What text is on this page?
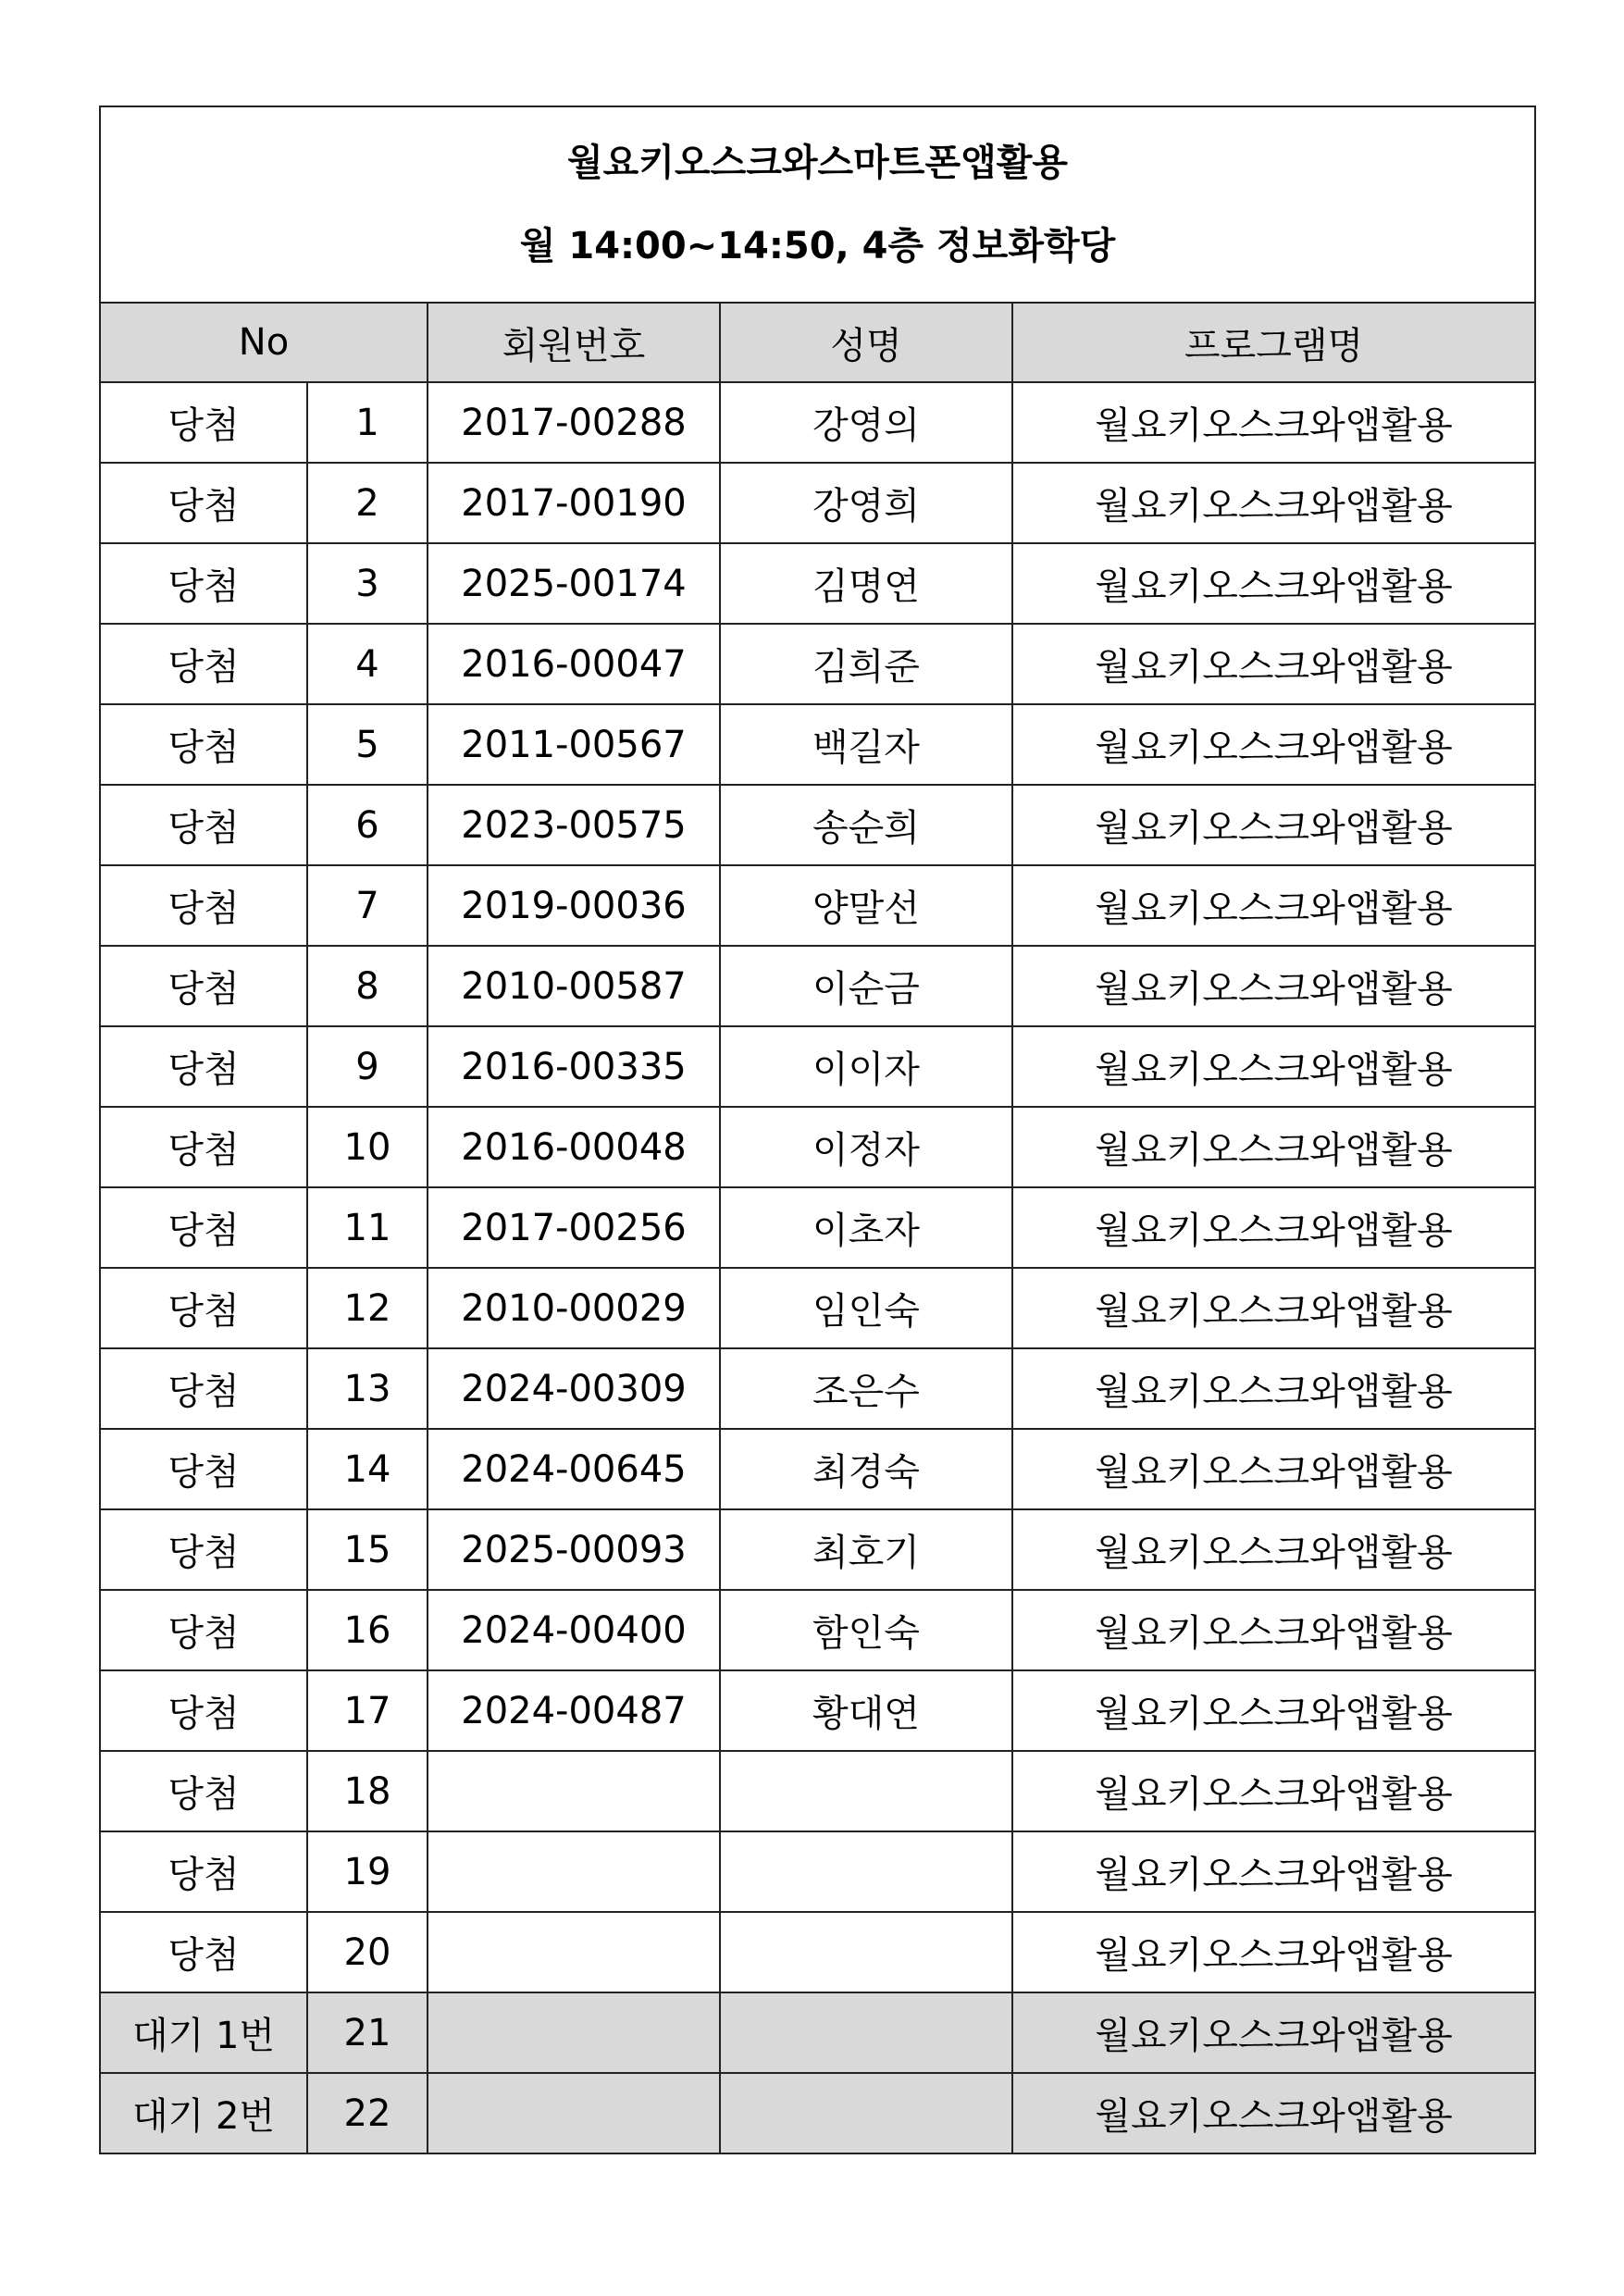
월요키오스크와스마트폰앱활용
월 14:00~14:50, 4층 정보화학당				

No		회원번호	성명	프로그램명
당첨	1	2017-00288	강영의	월요키오스크와앱활용
당첨	2	2017-00190	강영희	월요키오스크와앱활용
당첨	3	2025-00174	김명연	월요키오스크와앱활용
당첨	4	2016-00047	김희준	월요키오스크와앱활용
당첨	5	2011-00567	백길자	월요키오스크와앱활용
당첨	6	2023-00575	송순희	월요키오스크와앱활용
당첨	7	2019-00036	양말선	월요키오스크와앱활용
당첨	8	2010-00587	이순금	월요키오스크와앱활용
당첨	9	2016-00335	이이자	월요키오스크와앱활용
당첨	10	2016-00048	이정자	월요키오스크와앱활용
당첨	11	2017-00256	이초자	월요키오스크와앱활용
당첨	12	2010-00029	임인숙	월요키오스크와앱활용
당첨	13	2024-00309	조은수	월요키오스크와앱활용
당첨	14	2024-00645	최경숙	월요키오스크와앱활용
당첨	15	2025-00093	최호기	월요키오스크와앱활용
당첨	16	2024-00400	함인숙	월요키오스크와앱활용
당첨	17	2024-00487	황대연	월요키오스크와앱활용
당첨	18			월요키오스크와앱활용
당첨	19			월요키오스크와앱활용
당첨	20			월요키오스크와앱활용
대기 1번	21			월요키오스크와앱활용
대기 2번	22			월요키오스크와앱활용
